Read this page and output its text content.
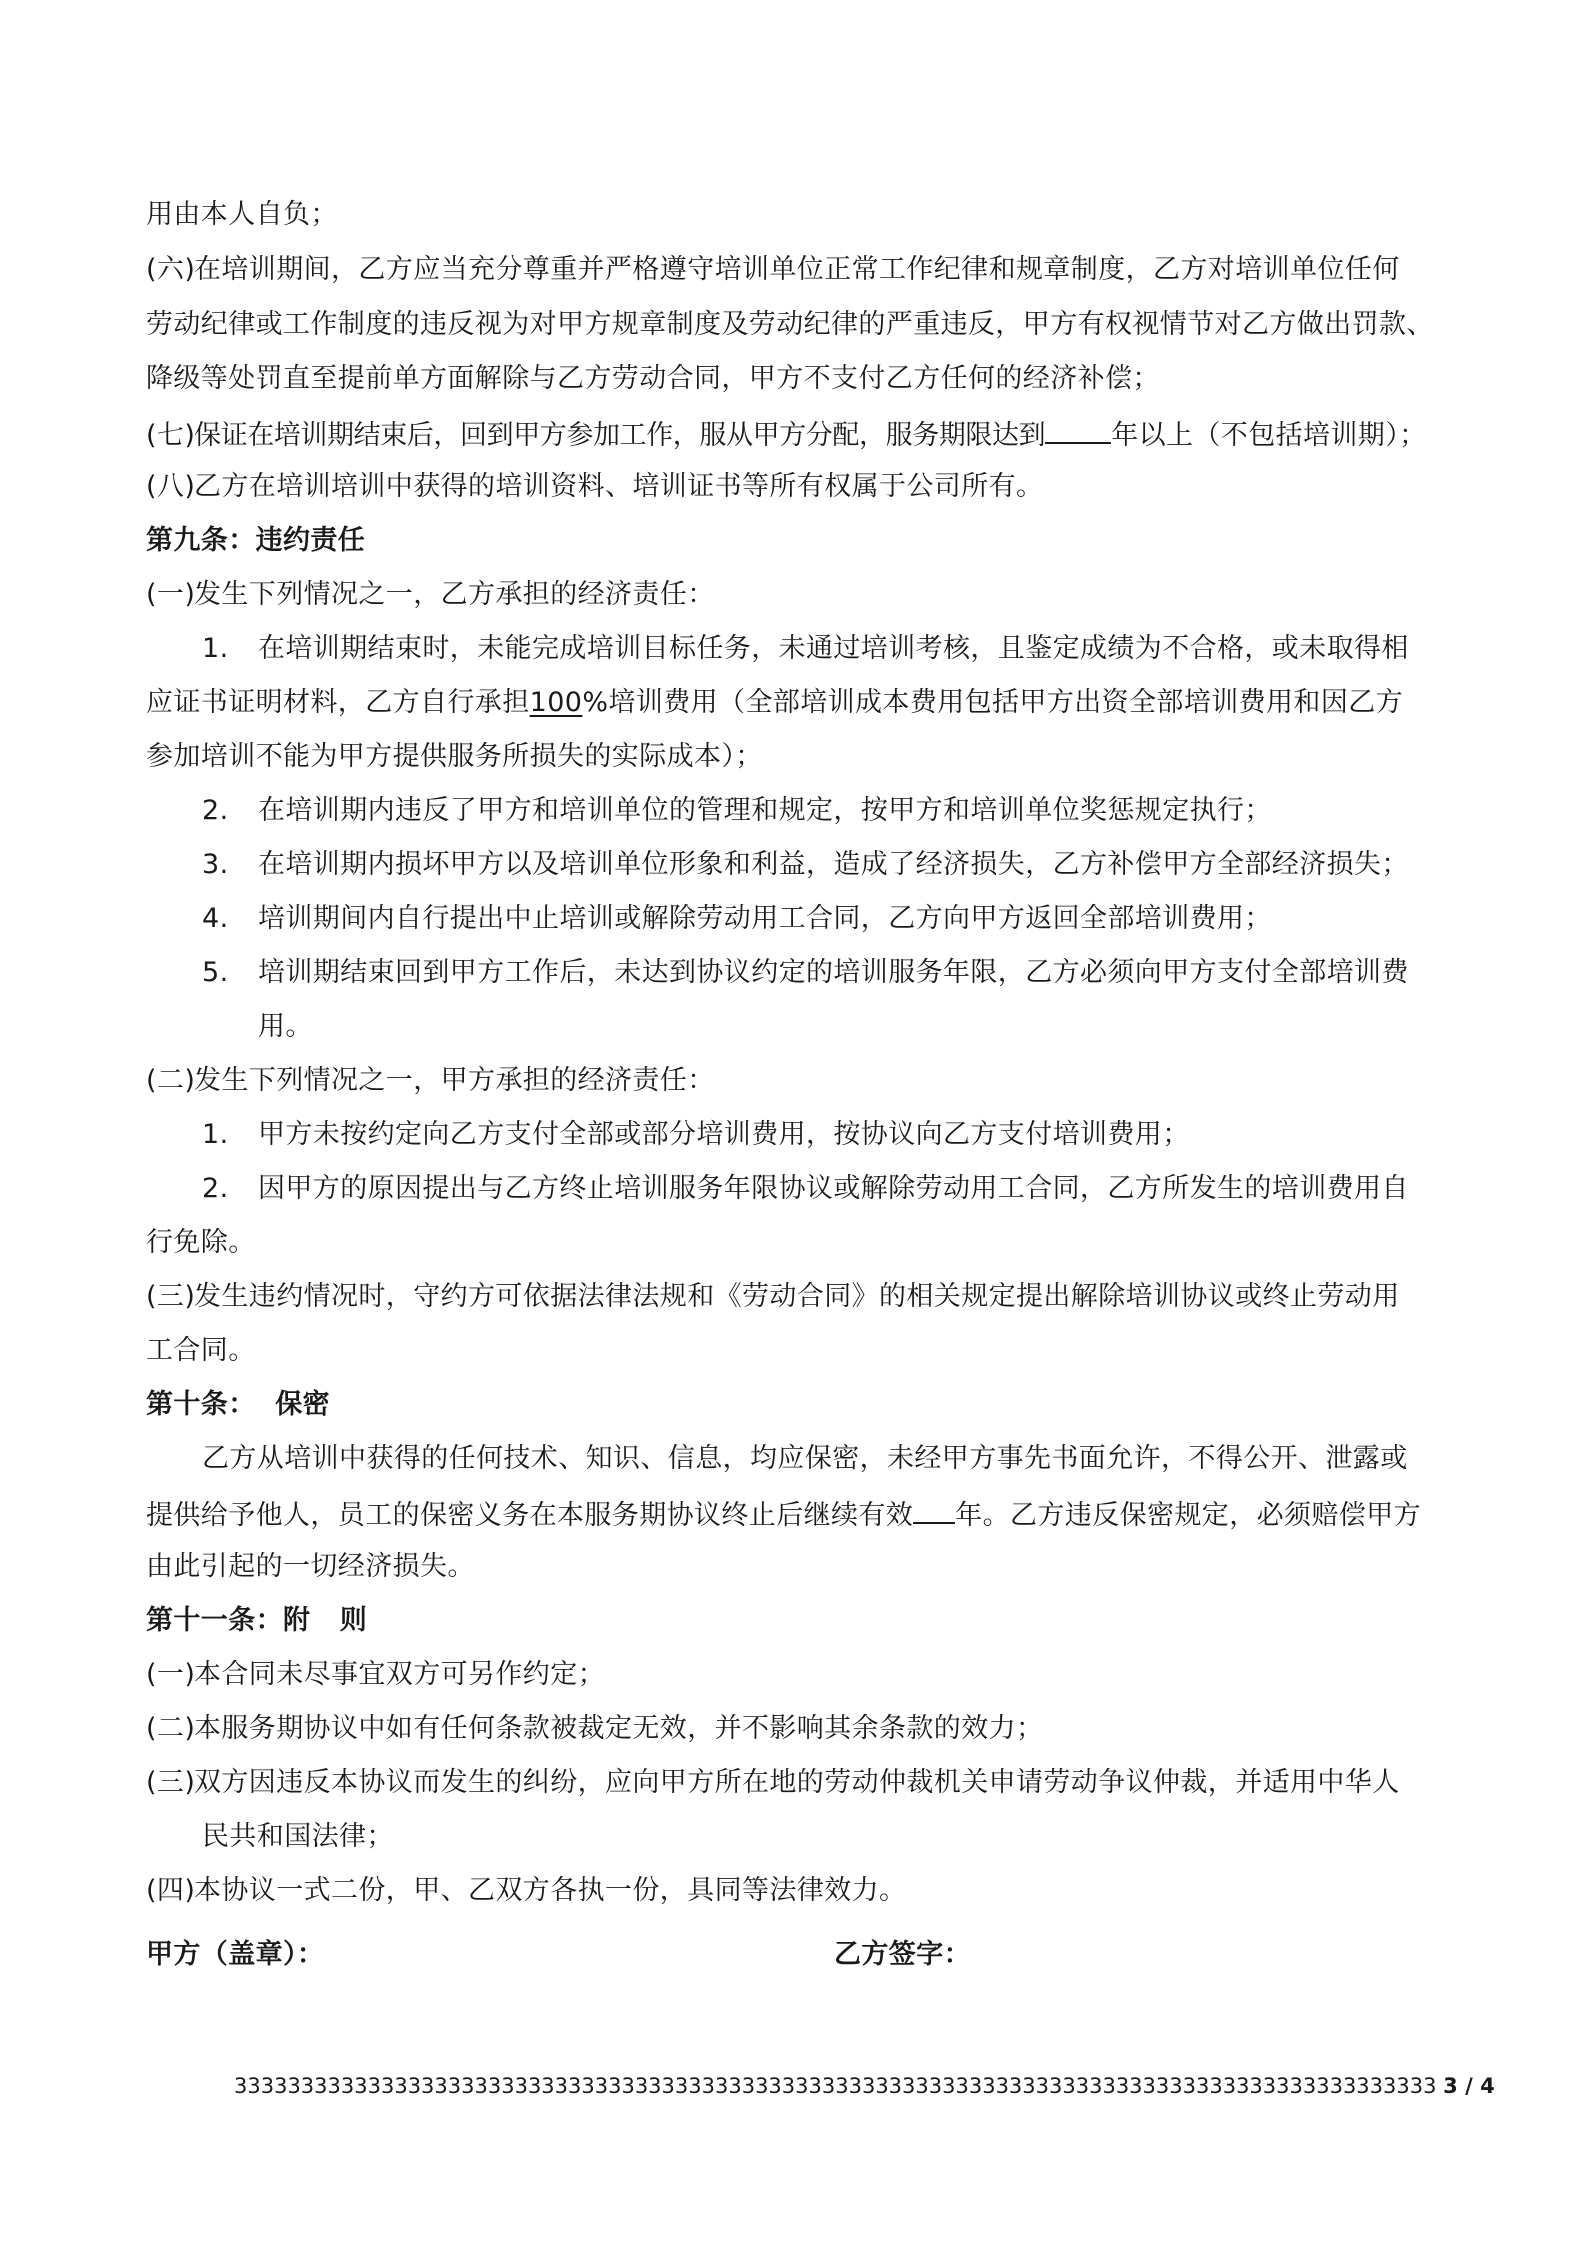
用由本人自负；
(六)在培训期间，乙方应当充分尊重并严格遵守培训单位正常工作纪律和规章制度，乙方对培训单位任何
劳动纪律或工作制度的违反视为对甲方规章制度及劳动纪律的严重违反，甲方有权视情节对乙方做出罚款、
降级等处罚直至提前单方面解除与乙方劳动合同，甲方不支付乙方任何的经济补偿；
(七)保证在培训期结束后，回到甲方参加工作，服从甲方分配，服务期限达到 年以上（不包括培训期）；
(八)乙方在培训培训中获得的培训资料、培训证书等所有权属于公司所有。
第九条：违约责任
(一)发生下列情况之一，乙方承担的经济责任：
1. 在培训期结束时，未能完成培训目标任务，未通过培训考核，且鉴定成绩为不合格，或未取得相
应证书证明材料，乙方自行承担100%培训费用（全部培训成本费用包括甲方出资全部培训费用和因乙方
参加培训不能为甲方提供服务所损失的实际成本）；
2. 在培训期内违反了甲方和培训单位的管理和规定，按甲方和培训单位奖惩规定执行；
3. 在培训期内损坏甲方以及培训单位形象和利益，造成了经济损失，乙方补偿甲方全部经济损失；
4. 培训期间内自行提出中止培训或解除劳动用工合同，乙方向甲方返回全部培训费用；
5. 培训期结束回到甲方工作后，未达到协议约定的培训服务年限，乙方必须向甲方支付全部培训费
用。
(二)发生下列情况之一，甲方承担的经济责任：
1. 甲方未按约定向乙方支付全部或部分培训费用，按协议向乙方支付培训费用；
2. 因甲方的原因提出与乙方终止培训服务年限协议或解除劳动用工合同，乙方所发生的培训费用自
行免除。
(三)发生违约情况时，守约方可依据法律法规和《劳动合同》的相关规定提出解除培训协议或终止劳动用
工合同。
第十条：  保密
乙方从培训中获得的任何技术、知识、信息，均应保密，未经甲方事先书面允许，不得公开、泄露或
提供给予他人，员工的保密义务在本服务期协议终止后继续有效 年。乙方违反保密规定，必须赔偿甲方
由此引起的一切经济损失。
第十一条：附   则
(一)本合同未尽事宜双方可另作约定；
(二)本服务期协议中如有任何条款被裁定无效，并不影响其余条款的效力；
(三)双方因违反本协议而发生的纠纷，应向甲方所在地的劳动仲裁机关申请劳动争议仲裁，并适用中华人
民共和国法律；
(四)本协议一式二份，甲、乙双方各执一份，具同等法律效力。
甲方（盖章）：	乙方签字：
333333333333333333333333333333333333333333333333333333333333333333333333333333333333333333 3 / 4
